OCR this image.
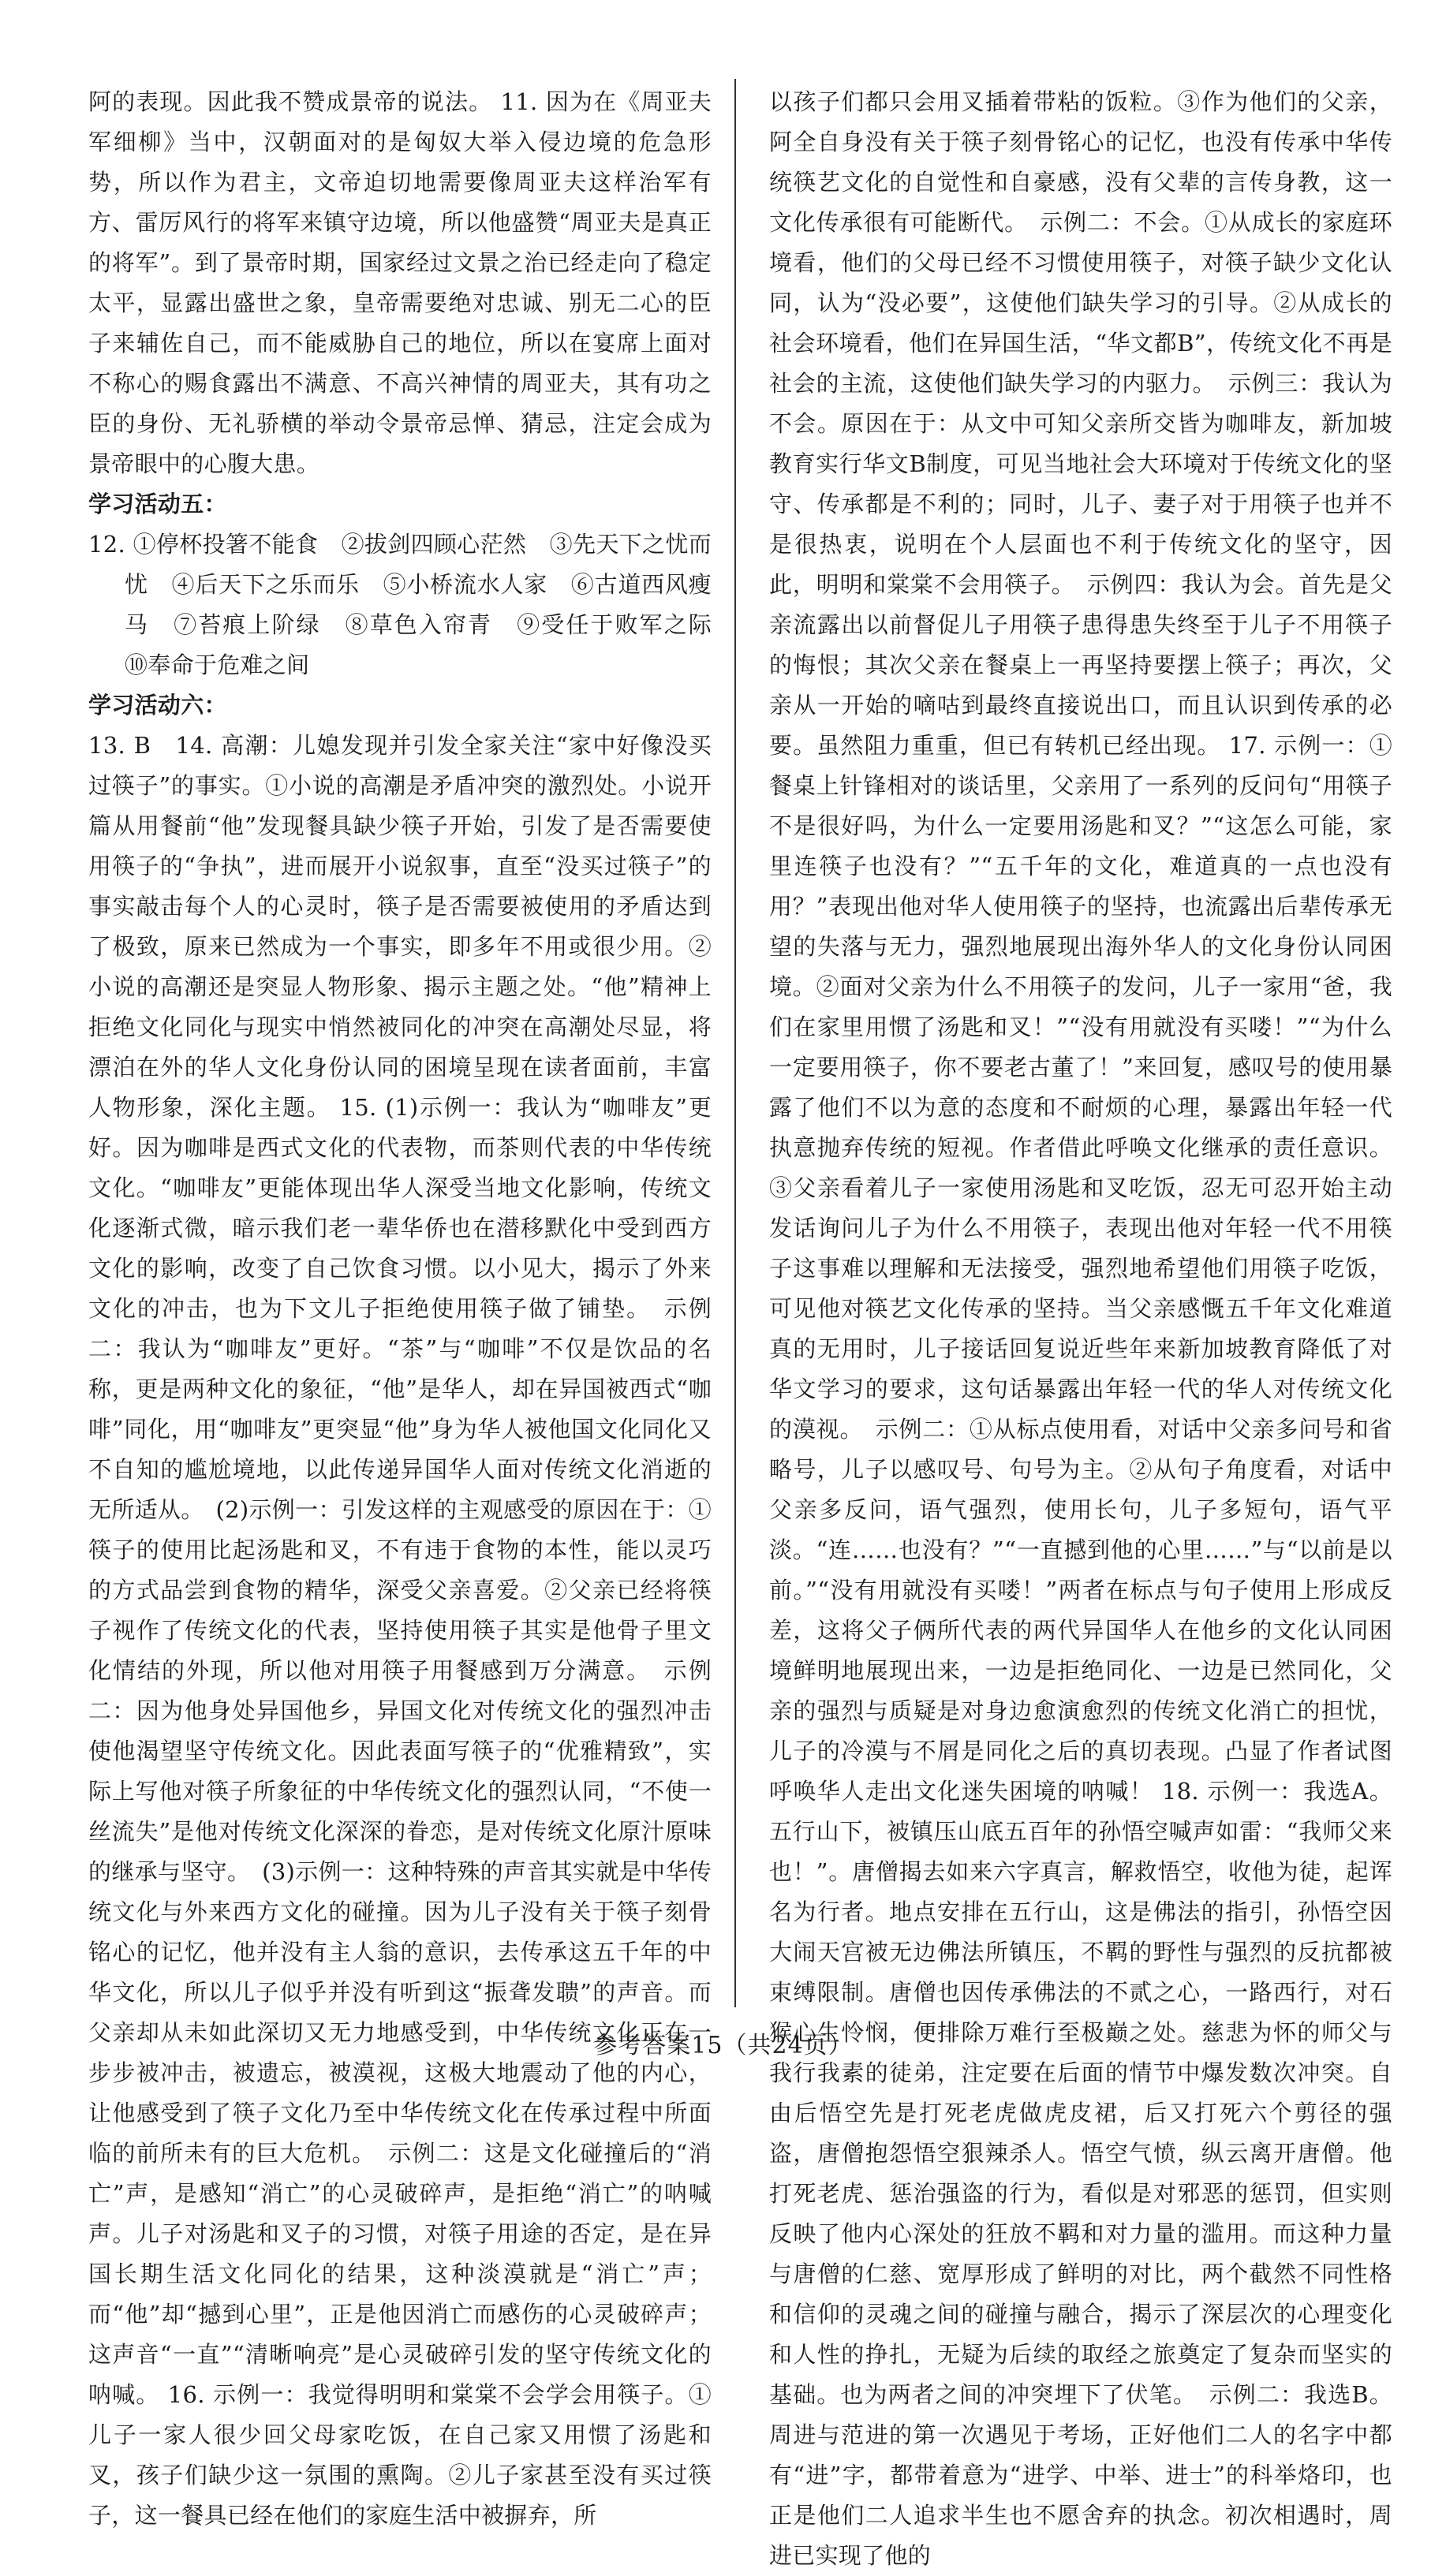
阿的表现。因此我不赞成景帝的说法。 11. 因为在《周亚夫军细柳》当中，汉朝面对的是匈奴大举入侵边境的危急形势，所以作为君主，文帝迫切地需要像周亚夫这样治军有方、雷厉风行的将军来镇守边境，所以他盛赞“周亚夫是真正的将军”。到了景帝时期，国家经过文景之治已经走向了稳定太平，显露出盛世之象，皇帝需要绝对忠诚、别无二心的臣子来辅佐自己，而不能威胁自己的地位，所以在宴席上面对不称心的赐食露出不满意、不高兴神情的周亚夫，其有功之臣的身份、无礼骄横的举动令景帝忌惮、猜忌，注定会成为景帝眼中的心腹大患。

学习活动五：

12. ①停杯投箸不能食　②拔剑四顾心茫然　③先天下之忧而忧　④后天下之乐而乐　⑤小桥流水人家　⑥古道西风瘦马　⑦苔痕上阶绿　⑧草色入帘青　⑨受任于败军之际　⑩奉命于危难之间

学习活动六：

13. B　14. 高潮：儿媳发现并引发全家关注“家中好像没买过筷子”的事实。①小说的高潮是矛盾冲突的激烈处。小说开篇从用餐前“他”发现餐具缺少筷子开始，引发了是否需要使用筷子的“争执”，进而展开小说叙事，直至“没买过筷子”的事实敲击每个人的心灵时，筷子是否需要被使用的矛盾达到了极致，原来已然成为一个事实，即多年不用或很少用。②小说的高潮还是突显人物形象、揭示主题之处。“他”精神上拒绝文化同化与现实中悄然被同化的冲突在高潮处尽显，将漂泊在外的华人文化身份认同的困境呈现在读者面前，丰富人物形象，深化主题。 15. (1)示例一：我认为“咖啡友”更好。因为咖啡是西式文化的代表物，而茶则代表的中华传统文化。“咖啡友”更能体现出华人深受当地文化影响，传统文化逐渐式微，暗示我们老一辈华侨也在潜移默化中受到西方文化的影响，改变了自己饮食习惯。以小见大，揭示了外来文化的冲击，也为下文儿子拒绝使用筷子做了铺垫。　示例二：我认为“咖啡友”更好。“茶”与“咖啡”不仅是饮品的名称，更是两种文化的象征，“他”是华人，却在异国被西式“咖啡”同化，用“咖啡友”更突显“他”身为华人被他国文化同化又不自知的尴尬境地，以此传递异国华人面对传统文化消逝的无所适从。　(2)示例一：引发这样的主观感受的原因在于：①筷子的使用比起汤匙和叉，不有违于食物的本性，能以灵巧的方式品尝到食物的精华，深受父亲喜爱。②父亲已经将筷子视作了传统文化的代表，坚持使用筷子其实是他骨子里文化情结的外现，所以他对用筷子用餐感到万分满意。　示例二：因为他身处异国他乡，异国文化对传统文化的强烈冲击使他渴望坚守传统文化。因此表面写筷子的“优雅精致”，实际上写他对筷子所象征的中华传统文化的强烈认同，“不使一丝流失”是他对传统文化深深的眷恋，是对传统文化原汁原味的继承与坚守。　(3)示例一：这种特殊的声音其实就是中华传统文化与外来西方文化的碰撞。因为儿子没有关于筷子刻骨铭心的记忆，他并没有主人翁的意识，去传承这五千年的中华文化，所以儿子似乎并没有听到这“振聋发聩”的声音。而父亲却从未如此深切又无力地感受到，中华传统文化正在一步步被冲击，被遗忘，被漠视，这极大地震动了他的内心，让他感受到了筷子文化乃至中华传统文化在传承过程中所面临的前所未有的巨大危机。　示例二：这是文化碰撞后的“消亡”声，是感知“消亡”的心灵破碎声，是拒绝“消亡”的呐喊声。儿子对汤匙和叉子的习惯，对筷子用途的否定，是在异国长期生活文化同化的结果，这种淡漠就是“消亡”声；而“他”却“撼到心里”，正是他因消亡而感伤的心灵破碎声；这声音“一直”“清晰响亮”是心灵破碎引发的坚守传统文化的呐喊。 16. 示例一：我觉得明明和棠棠不会学会用筷子。①儿子一家人很少回父母家吃饭，在自己家又用惯了汤匙和叉，孩子们缺少这一氛围的熏陶。②儿子家甚至没有买过筷子，这一餐具已经在他们的家庭生活中被摒弃，所

以孩子们都只会用叉插着带粘的饭粒。③作为他们的父亲，阿全自身没有关于筷子刻骨铭心的记忆，也没有传承中华传统筷艺文化的自觉性和自豪感，没有父辈的言传身教，这一文化传承很有可能断代。　示例二：不会。①从成长的家庭环境看，他们的父母已经不习惯使用筷子，对筷子缺少文化认同，认为“没必要”，这使他们缺失学习的引导。②从成长的社会环境看，他们在异国生活，“华文都B”，传统文化不再是社会的主流，这使他们缺失学习的内驱力。　示例三：我认为不会。原因在于：从文中可知父亲所交皆为咖啡友，新加坡教育实行华文B制度，可见当地社会大环境对于传统文化的坚守、传承都是不利的；同时，儿子、妻子对于用筷子也并不是很热衷，说明在个人层面也不利于传统文化的坚守，因此，明明和棠棠不会用筷子。　示例四：我认为会。首先是父亲流露出以前督促儿子用筷子患得患失终至于儿子不用筷子的悔恨；其次父亲在餐桌上一再坚持要摆上筷子；再次，父亲从一开始的嘀咕到最终直接说出口，而且认识到传承的必要。虽然阻力重重，但已有转机已经出现。 17. 示例一：①餐桌上针锋相对的谈话里，父亲用了一系列的反问句“用筷子不是很好吗，为什么一定要用汤匙和叉？”“这怎么可能，家里连筷子也没有？”“五千年的文化，难道真的一点也没有用？”表现出他对华人使用筷子的坚持，也流露出后辈传承无望的失落与无力，强烈地展现出海外华人的文化身份认同困境。②面对父亲为什么不用筷子的发问，儿子一家用“爸，我们在家里用惯了汤匙和叉！”“没有用就没有买喽！”“为什么一定要用筷子，你不要老古董了！”来回复，感叹号的使用暴露了他们不以为意的态度和不耐烦的心理，暴露出年轻一代执意抛弃传统的短视。作者借此呼唤文化继承的责任意识。③父亲看着儿子一家使用汤匙和叉吃饭，忍无可忍开始主动发话询问儿子为什么不用筷子，表现出他对年轻一代不用筷子这事难以理解和无法接受，强烈地希望他们用筷子吃饭，可见他对筷艺文化传承的坚持。当父亲感慨五千年文化难道真的无用时，儿子接话回复说近些年来新加坡教育降低了对华文学习的要求，这句话暴露出年轻一代的华人对传统文化的漠视。　示例二：①从标点使用看，对话中父亲多问号和省略号，儿子以感叹号、句号为主。②从句子角度看，对话中父亲多反问，语气强烈，使用长句，儿子多短句，语气平淡。“连……也没有？”“一直撼到他的心里……”与“以前是以前。”“没有用就没有买喽！”两者在标点与句子使用上形成反差，这将父子俩所代表的两代异国华人在他乡的文化认同困境鲜明地展现出来，一边是拒绝同化、一边是已然同化，父亲的强烈与质疑是对身边愈演愈烈的传统文化消亡的担忧，儿子的冷漠与不屑是同化之后的真切表现。凸显了作者试图呼唤华人走出文化迷失困境的呐喊！ 18. 示例一：我选A。五行山下，被镇压山底五百年的孙悟空喊声如雷：“我师父来也！”。唐僧揭去如来六字真言，解救悟空，收他为徒，起诨名为行者。地点安排在五行山，这是佛法的指引，孙悟空因大闹天宫被无边佛法所镇压，不羁的野性与强烈的反抗都被束缚限制。唐僧也因传承佛法的不贰之心，一路西行，对石猴心生怜悯，便排除万难行至极巅之处。慈悲为怀的师父与我行我素的徒弟，注定要在后面的情节中爆发数次冲突。自由后悟空先是打死老虎做虎皮裙，后又打死六个剪径的强盗，唐僧抱怨悟空狠辣杀人。悟空气愤，纵云离开唐僧。他打死老虎、惩治强盗的行为，看似是对邪恶的惩罚，但实则反映了他内心深处的狂放不羁和对力量的滥用。而这种力量与唐僧的仁慈、宽厚形成了鲜明的对比，两个截然不同性格和信仰的灵魂之间的碰撞与融合，揭示了深层次的心理变化和人性的挣扎，无疑为后续的取经之旅奠定了复杂而坚实的基础。也为两者之间的冲突埋下了伏笔。　示例二：我选B。周进与范进的第一次遇见于考场，正好他们二人的名字中都有“进”字，都带着意为“进学、中举、进士”的科举烙印，也正是他们二人追求半生也不愿舍弃的执念。初次相遇时，周进已实现了他的

参考答案15（共24页）
